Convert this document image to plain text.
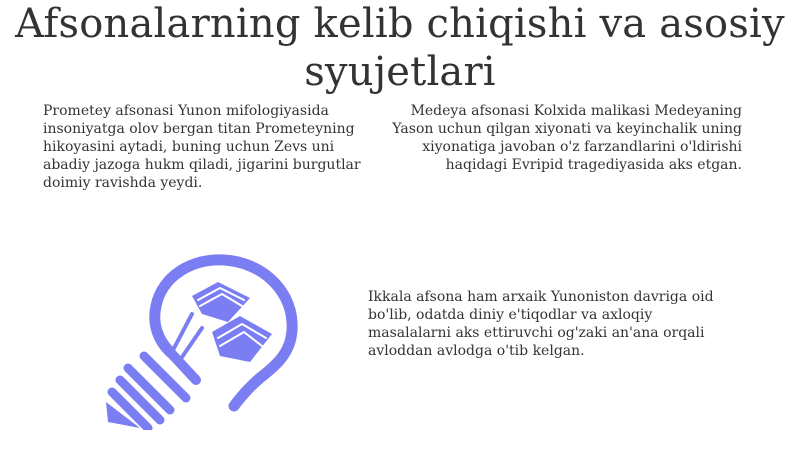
Afsonalarning kelib chiqishi va asosiy syujetlari

Prometey afsonasi Yunon mifologiyasida insoniyatga olov bergan titan Prometeyning hikoyasini aytadi, buning uchun Zevs uni abadiy jazoga hukm qiladi, jigarini burgutlar doimiy ravishda yeydi.

Medeya afsonasi Kolxida malikasi Medeyaning Yason uchun qilgan xiyonati va keyinchalik uning xiyonatiga javoban o'z farzandlarini o'ldirishi haqidagi Evripid tragediyasida aks etgan.

Ikkala afsona ham arxaik Yunoniston davriga oid bo'lib, odatda diniy e'tiqodlar va axloqiy masalalarni aks ettiruvchi og'zaki an'ana orqali avloddan avlodga o'tib kelgan.
